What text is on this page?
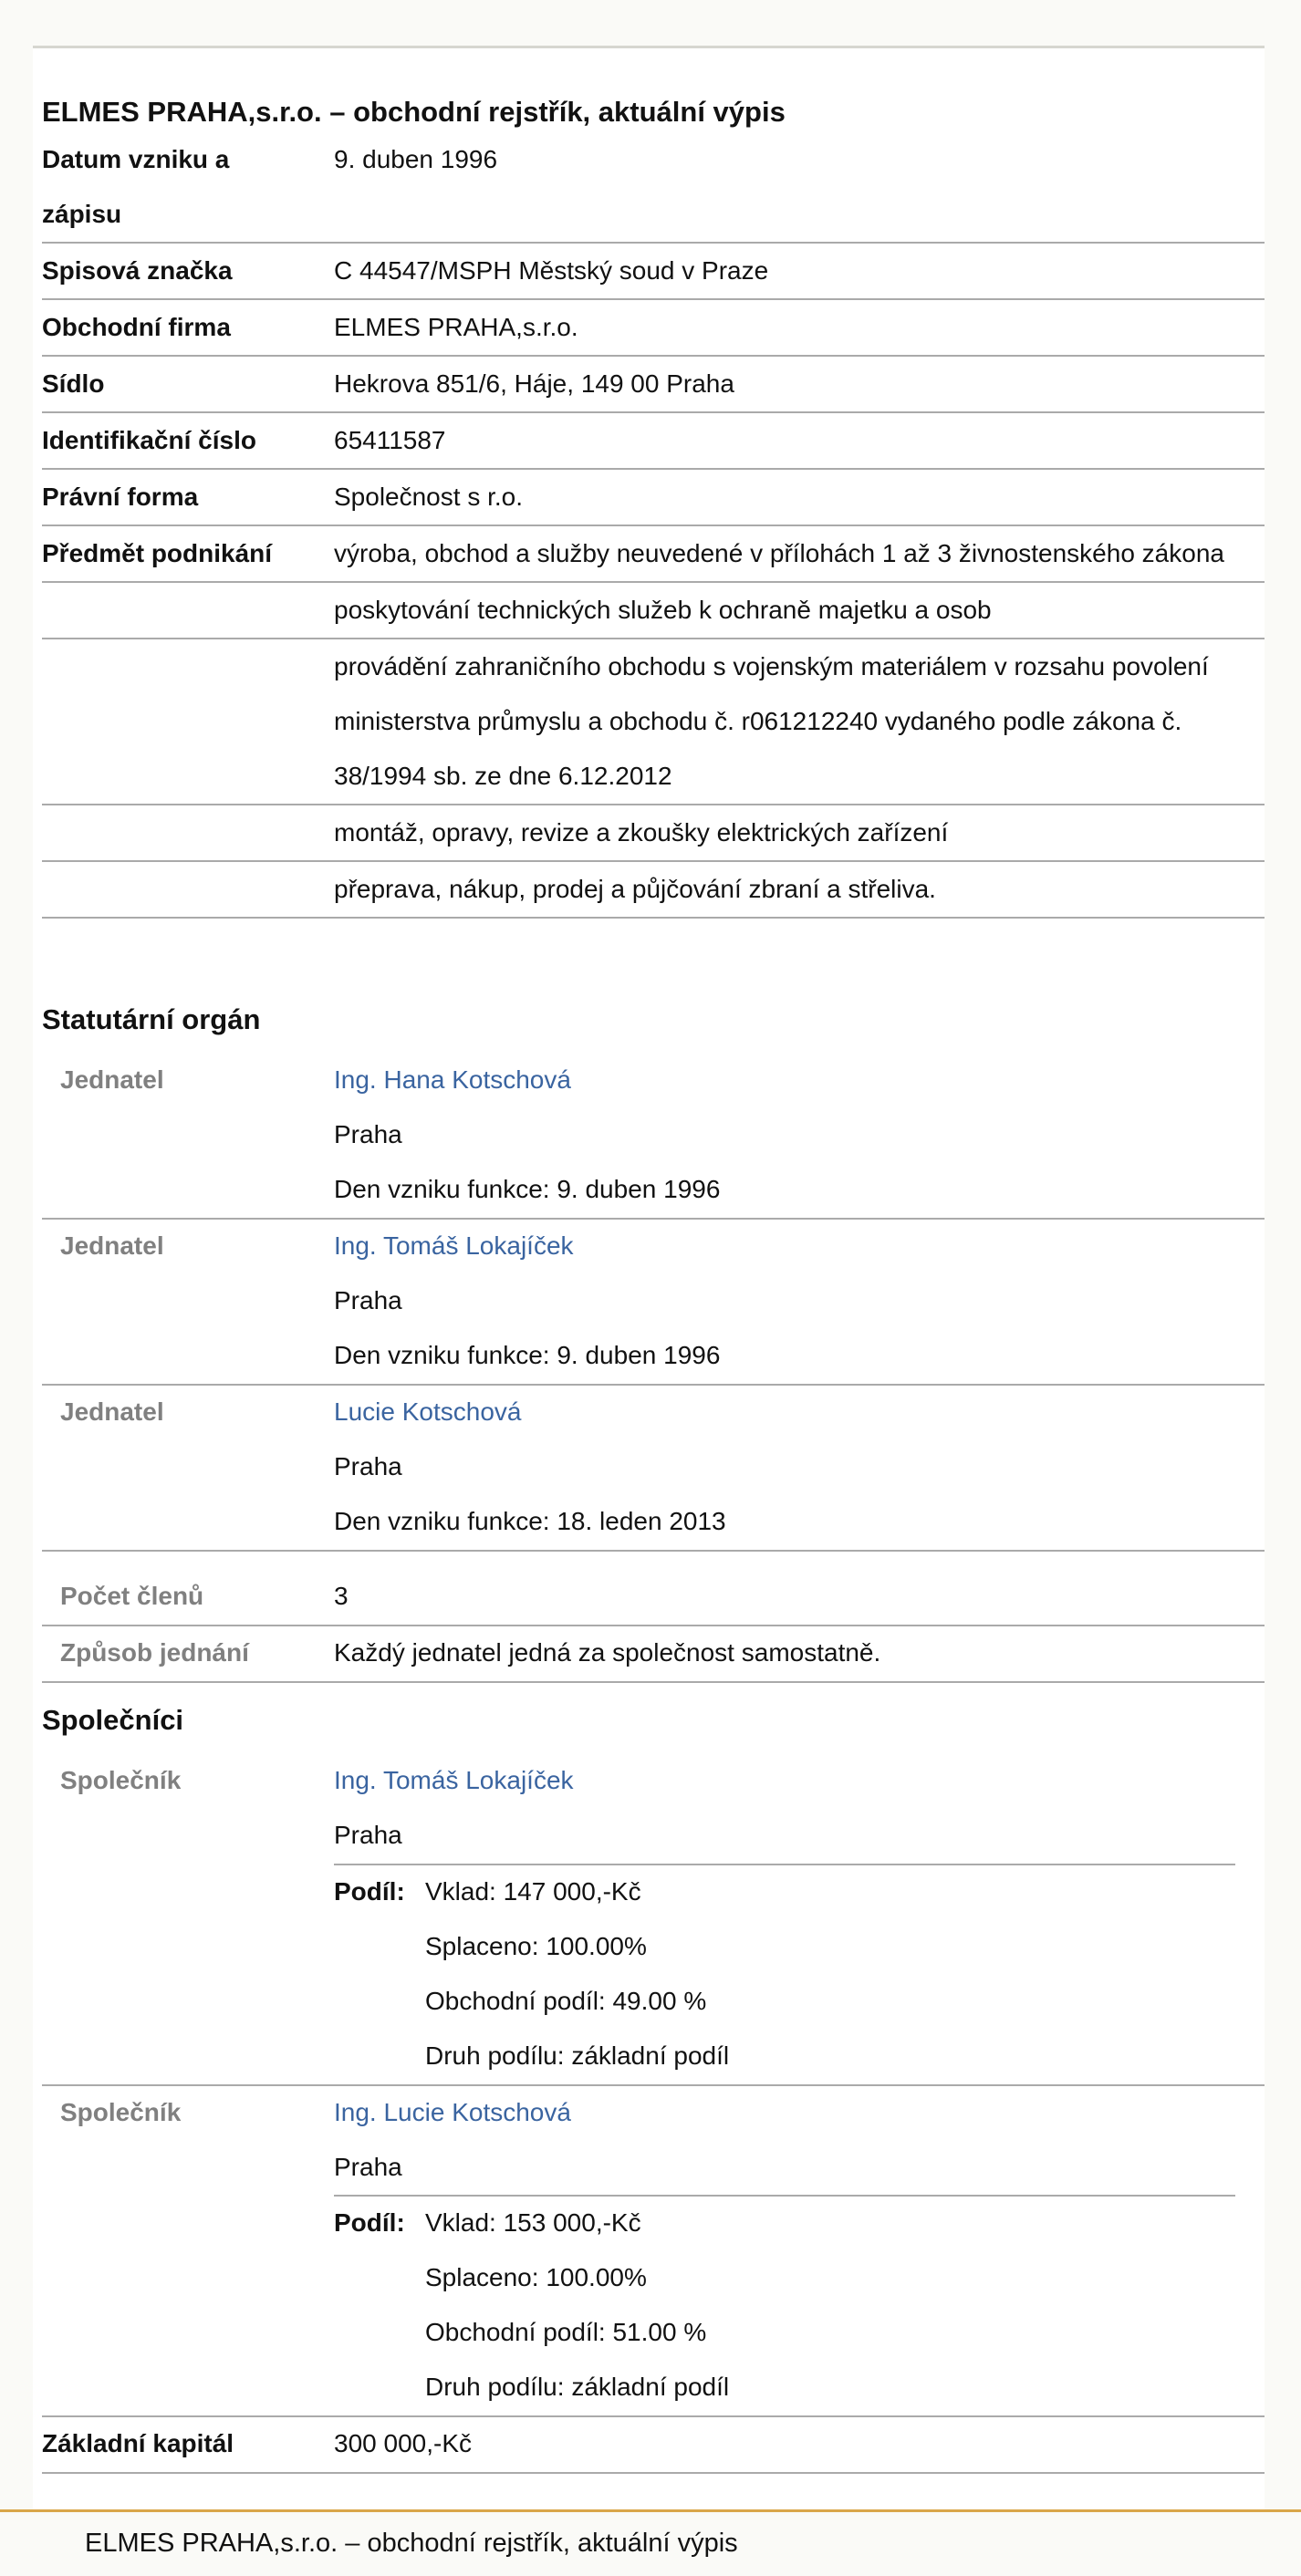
ELMES PRAHA,s.r.o. – obchodní rejstřík, aktuální výpis
Datum vzniku a zápisu	9. duben 1996
Spisová značka	C 44547/MSPH Městský soud v Praze
Obchodní firma	ELMES PRAHA,s.r.o.
Sídlo	Hekrova 851/6, Háje, 149 00 Praha
Identifikační číslo	65411587
Právní forma	Společnost s r.o.
Předmět podnikání	výroba, obchod a služby neuvedené v přílohách 1 až 3 živnostenského zákona
	poskytování technických služeb k ochraně majetku a osob
	provádění zahraničního obchodu s vojenským materiálem v rozsahu povolení ministerstva průmyslu a obchodu č. r061212240 vydaného podle zákona č. 38/1994 sb. ze dne 6.12.2012
	montáž, opravy, revize a zkoušky elektrických zařízení
	přeprava, nákup, prodej a půjčování zbraní a střeliva.
Statutární orgán
Jednatel	Ing. Hana Kotschová
Praha
Den vzniku funkce: 9. duben 1996
Jednatel	Ing. Tomáš Lokajíček
Praha
Den vzniku funkce: 9. duben 1996
Jednatel	Lucie Kotschová
Praha
Den vzniku funkce: 18. leden 2013
Počet členů	3
Způsob jednání	Každý jednatel jedná za společnost samostatně.
Společníci
Společník	Ing. Tomáš Lokajíček
Praha
Podíl: Vklad: 147 000,-Kč
Splaceno: 100.00%
Obchodní podíl: 49.00 %
Druh podílu: základní podíl
Společník	Ing. Lucie Kotschová
Praha
Podíl: Vklad: 153 000,-Kč
Splaceno: 100.00%
Obchodní podíl: 51.00 %
Druh podílu: základní podíl
Základní kapitál	300 000,-Kč
ELMES PRAHA,s.r.o. – obchodní rejstřík, aktuální výpis
